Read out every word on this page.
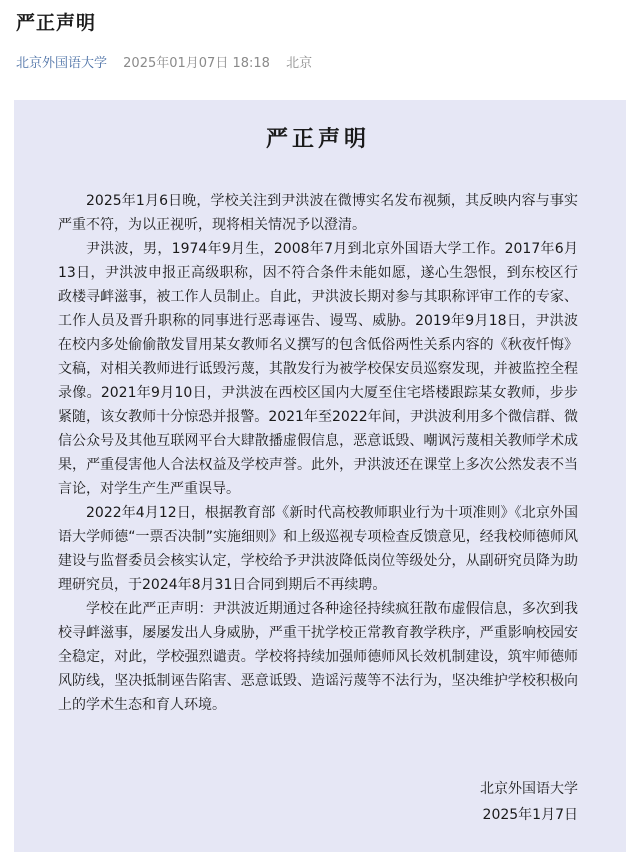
严正声明
北京外国语大学 2025年01月07日 18:18 北京
严正声明

2025年1月6日晚，学校关注到尹洪波在微博实名发布视频，其反映内容与事实严重不符，为以正视听，现将相关情况予以澄清。

尹洪波，男，1974年9月生，2008年7月到北京外国语大学工作。2017年6月13日，尹洪波申报正高级职称，因不符合条件未能如愿，遂心生怨恨，到东校区行政楼寻衅滋事，被工作人员制止。自此，尹洪波长期对参与其职称评审工作的专家、工作人员及晋升职称的同事进行恶毒诬告、谩骂、威胁。2019年9月18日，尹洪波在校内多处偷偷散发冒用某女教师名义撰写的包含低俗两性关系内容的《秋夜忏悔》文稿，对相关教师进行诋毁污蔑，其散发行为被学校保安员巡察发现，并被监控全程录像。2021年9月10日，尹洪波在西校区国内大厦至住宅塔楼跟踪某女教师，步步紧随，该女教师十分惊恐并报警。2021年至2022年间，尹洪波利用多个微信群、微信公众号及其他互联网平台大肆散播虚假信息，恶意诋毁、嘲讽污蔑相关教师学术成果，严重侵害他人合法权益及学校声誉。此外，尹洪波还在课堂上多次公然发表不当言论，对学生产生严重误导。

2022年4月12日，根据教育部《新时代高校教师职业行为十项准则》《北京外国语大学师德“一票否决制”实施细则》和上级巡视专项检查反馈意见，经我校师德师风建设与监督委员会核实认定，学校给予尹洪波降低岗位等级处分，从副研究员降为助理研究员，于2024年8月31日合同到期后不再续聘。

学校在此严正声明：尹洪波近期通过各种途径持续疯狂散布虚假信息，多次到我校寻衅滋事，屡屡发出人身威胁，严重干扰学校正常教育教学秩序，严重影响校园安全稳定，对此，学校强烈谴责。学校将持续加强师德师风长效机制建设，筑牢师德师风防线，坚决抵制诬告陷害、恶意诋毁、造谣污蔑等不法行为，坚决维护学校积极向上的学术生态和育人环境。

北京外国语大学
2025年1月7日
